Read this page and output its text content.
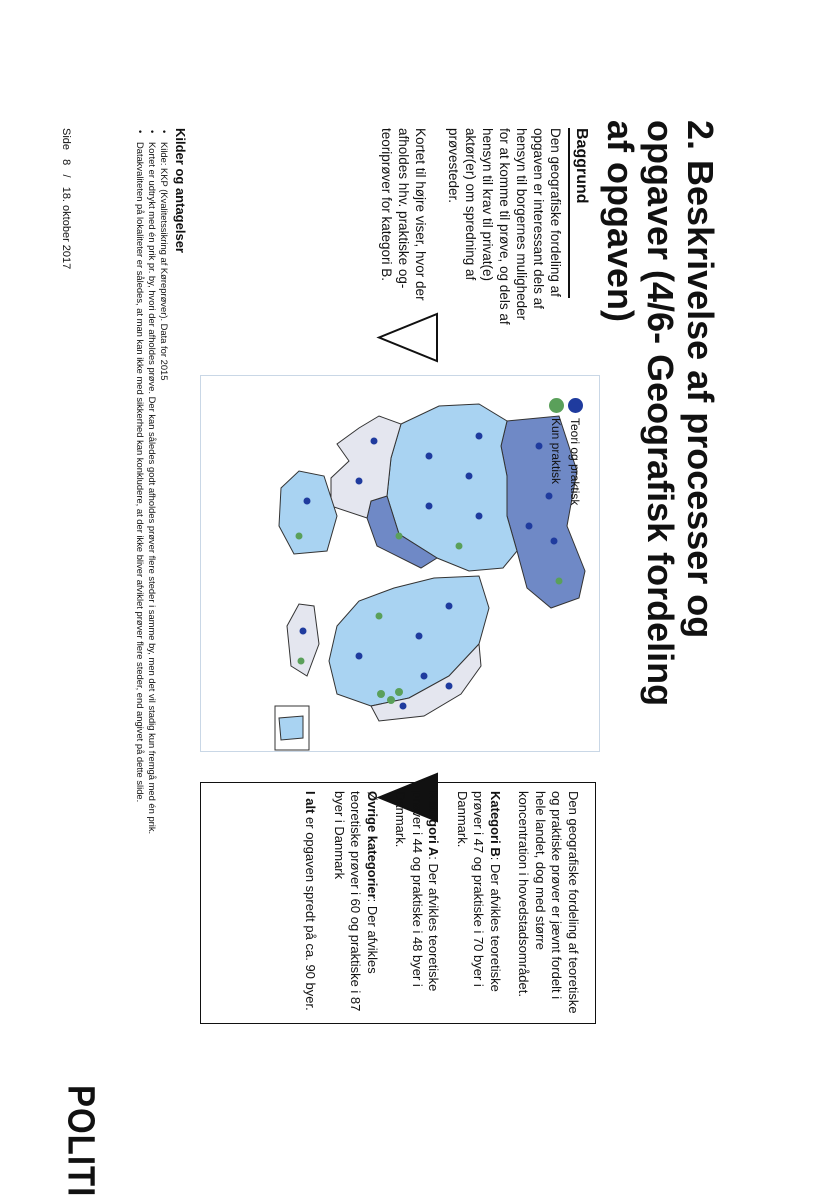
2. Beskrivelse af processer og opgaver (4/6- Geografisk fordeling af opgaven)
Baggrund

Den geografiske fordeling af opgaven er interessant dels af hensyn til borgernes muligheder for at komme til prøve, og dels af hensyn til krav til privat(e) aktør(er) om spredning af prøvesteder.

Kortet til højre viser, hvor der afholdes hhv. praktiske og- teoriprøver for kategori B.

Teori og praktisk
Kun praktisk

Den geografiske fordeling af teoretiske og praktiske prøver er jævnt fordelt i hele landet, dog med større koncentration i hovedstadsområdet.

Kategori B: Der afvikles teoretiske prøver i 47 og praktiske i 70 byer i Danmark.

Kategori A: Der afvikles teoretiske prøver i 44 og praktiske i 48 byer i Danmark.

Øvrige kategorier: Der afvikles teoretiske prøver i 60 og praktiske i 87 byer i Danmark

I alt er opgaven spredt på ca. 90 byer.

POLITI
Kilder og antagelser
• Kilde: KKP (Kvalitetssikring af Køreprøver). Data for 2015
• Kortet er udtrykt med én prik pr. by, hvori der afholdes prøve. Der kan således godt afholdes prøver flere steder i samme by, men det vil stadig kun fremgå med én prik.
• Datakvaliteten på lokaliteter er således, at man kan ikke med sikkerhed kan konkludere, at der ikke bliver afviklet prøver flere steder, end angivet på dette slide.
Side   8   /   18. oktober 2017
